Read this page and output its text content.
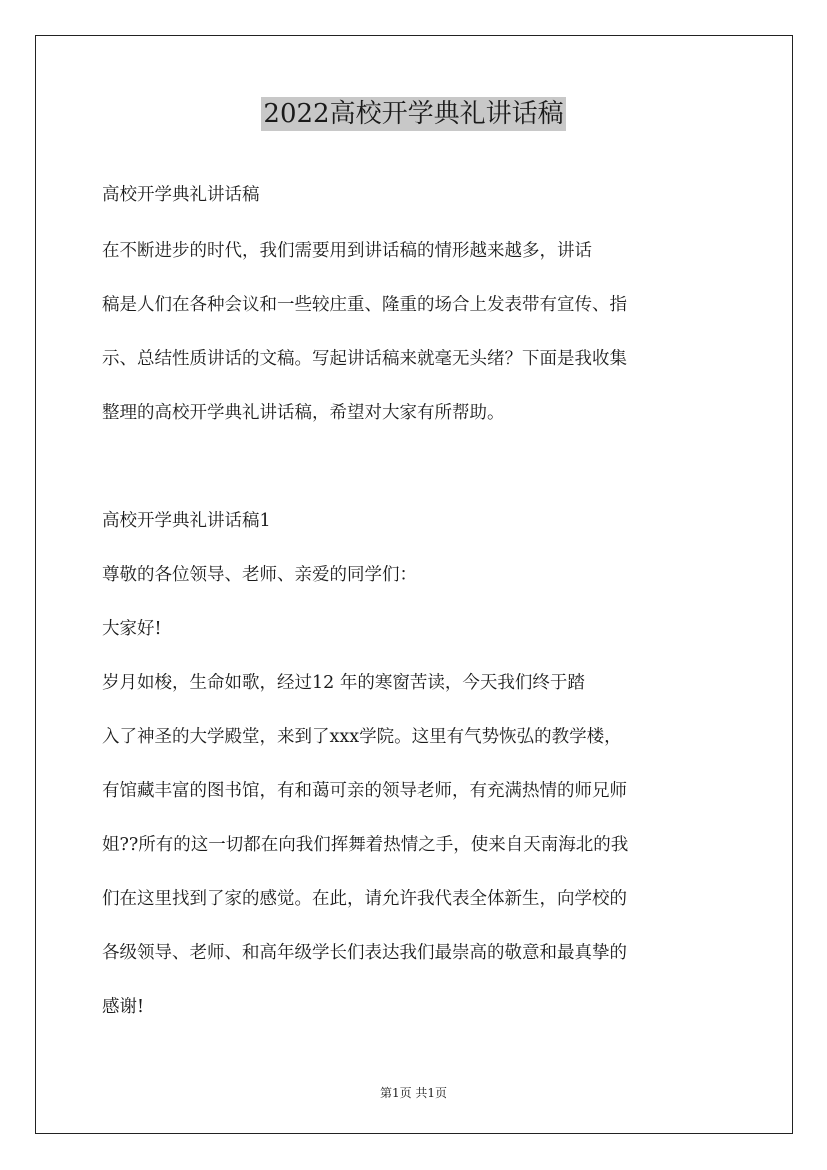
2022高校开学典礼讲话稿
高校开学典礼讲话稿
在不断进步的时代，我们需要用到讲话稿的情形越来越多，讲话
稿是人们在各种会议和一些较庄重、隆重的场合上发表带有宣传、指
示、总结性质讲话的文稿。写起讲话稿来就毫无头绪？下面是我收集
整理的高校开学典礼讲话稿，希望对大家有所帮助。
高校开学典礼讲话稿1
尊敬的各位领导、老师、亲爱的同学们：
大家好!
岁月如梭，生命如歌，经过12 年的寒窗苦读，今天我们终于踏
入了神圣的大学殿堂，来到了xxx学院。这里有气势恢弘的教学楼，
有馆藏丰富的图书馆，有和蔼可亲的领导老师，有充满热情的师兄师
姐??所有的这一切都在向我们挥舞着热情之手，使来自天南海北的我
们在这里找到了家的感觉。在此，请允许我代表全体新生，向学校的
各级领导、老师、和高年级学长们表达我们最崇高的敬意和最真挚的
感谢!
第1页 共1页
